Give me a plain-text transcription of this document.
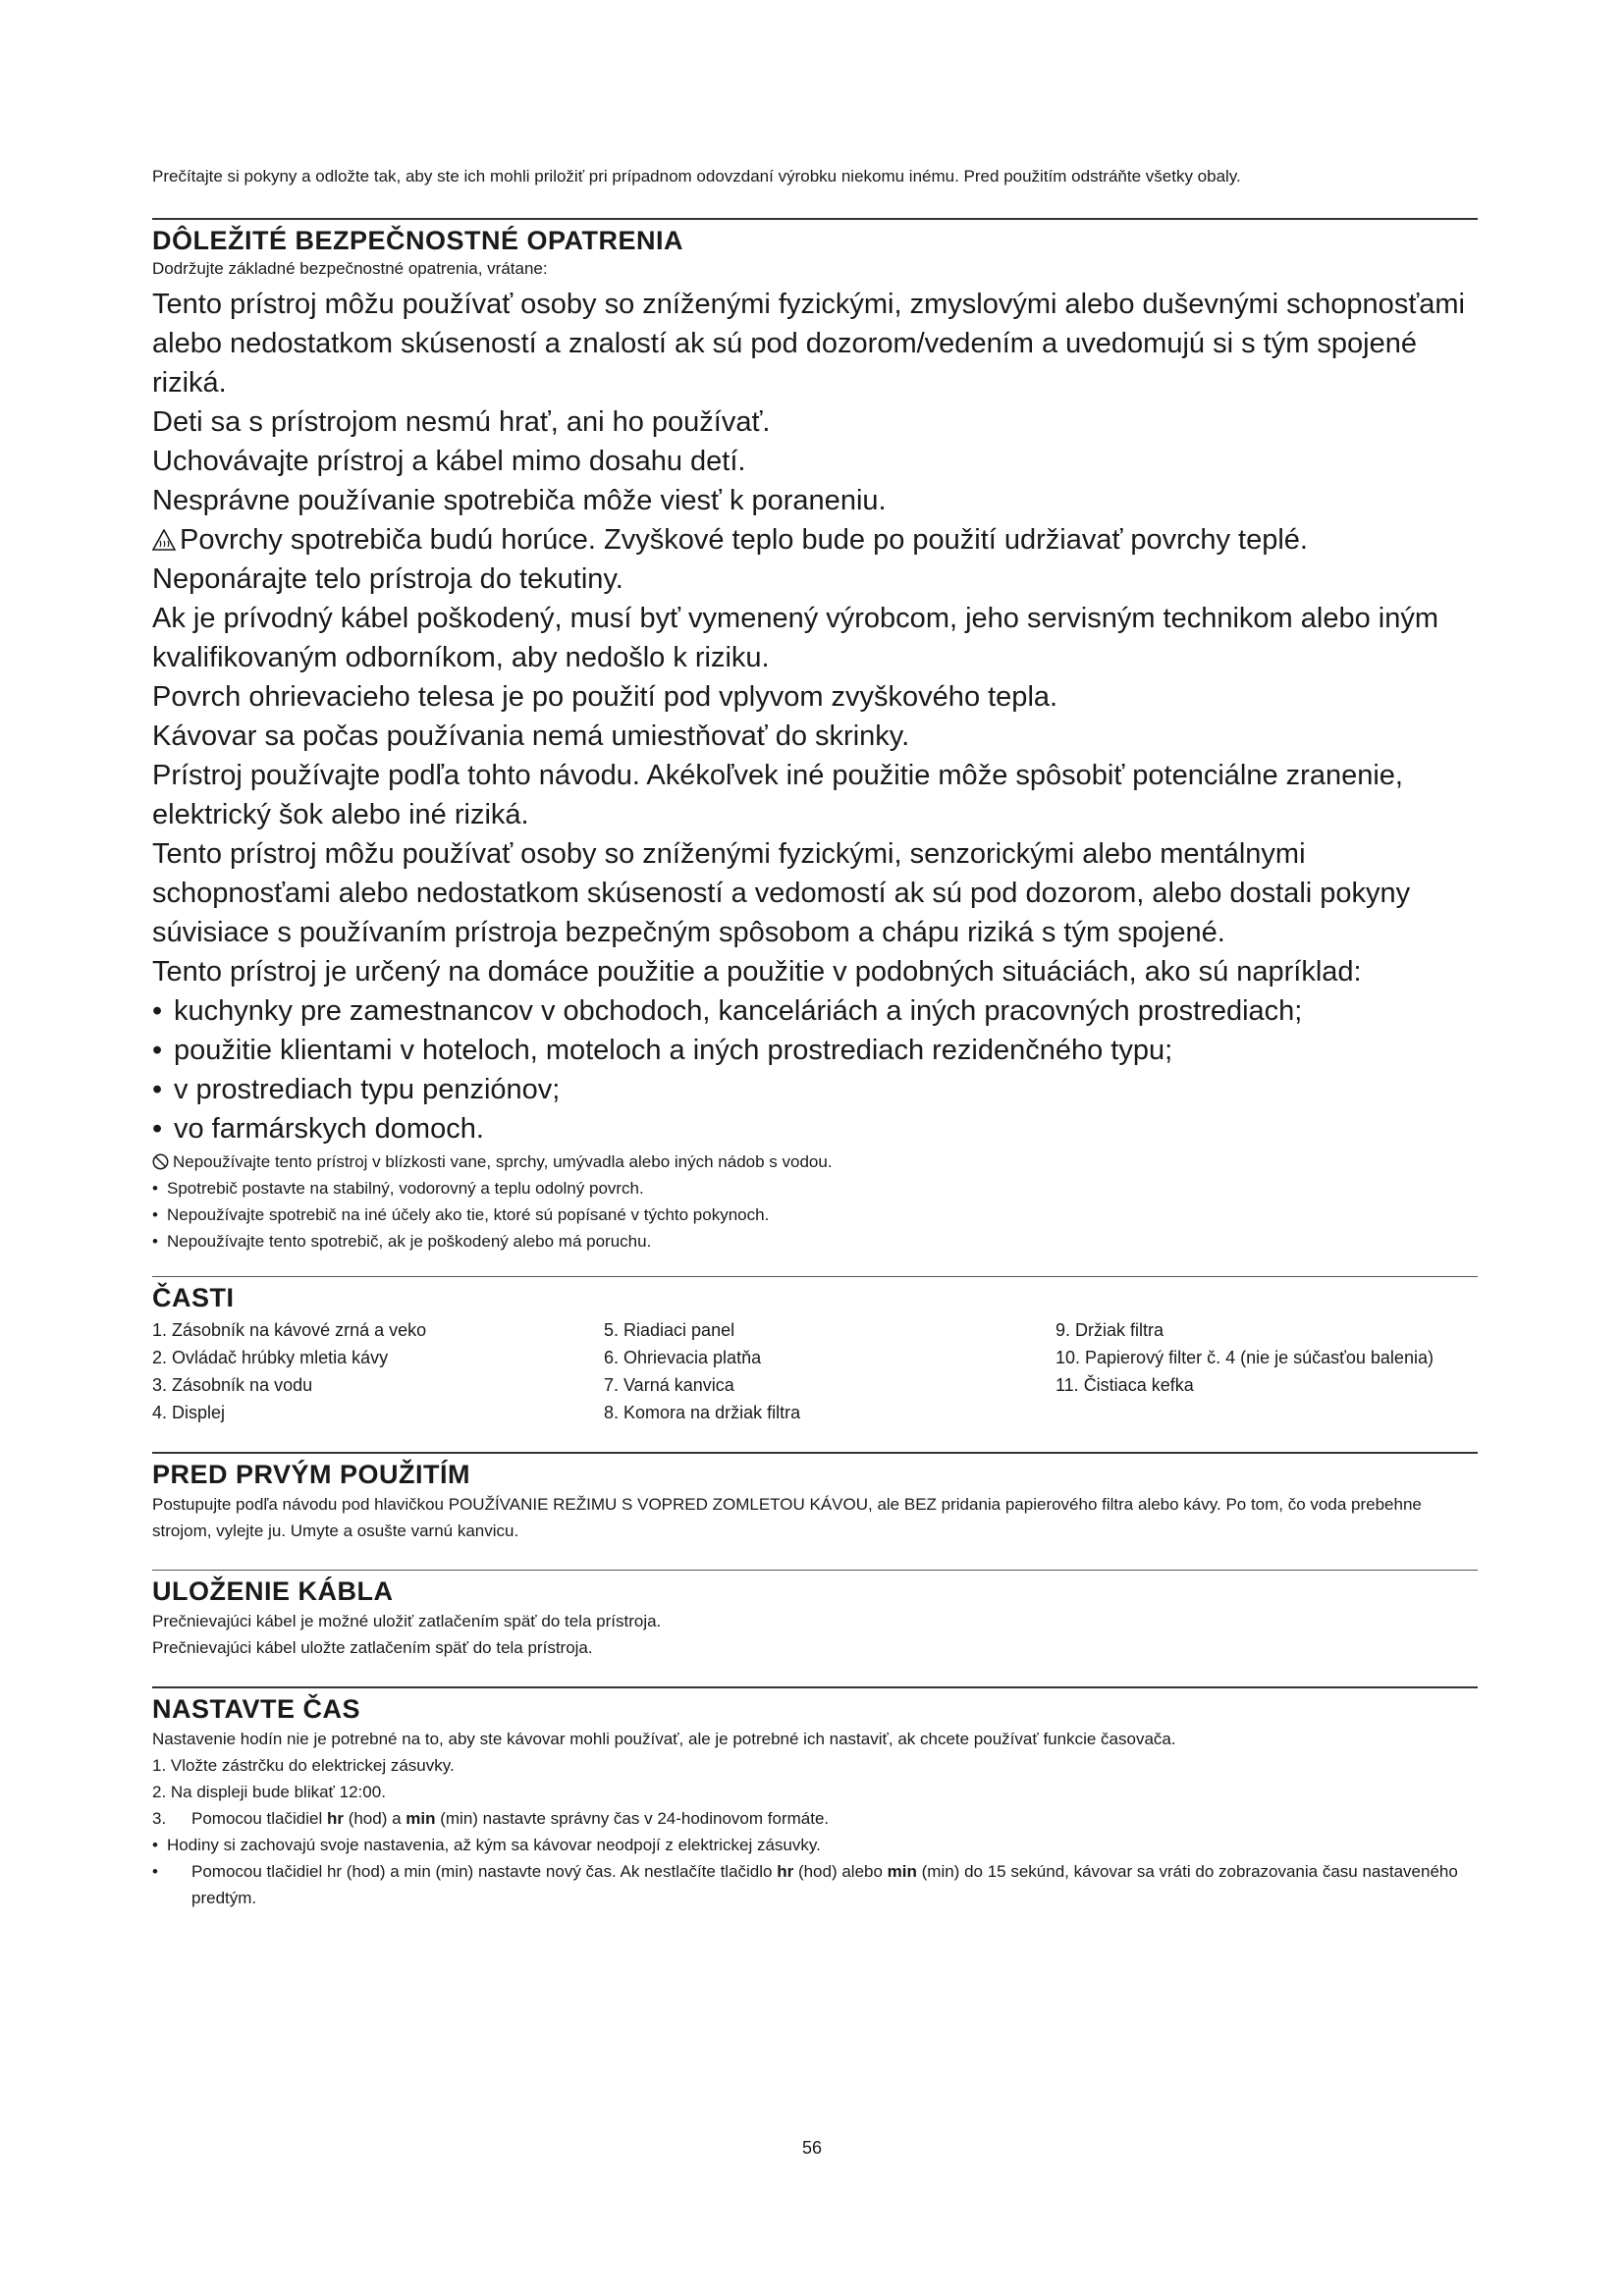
Prečítajte si pokyny a odložte tak, aby ste ich mohli priložiť pri prípadnom odovzdaní výrobku niekomu inému. Pred použitím odstráňte všetky obaly.

DÔLEŽITÉ BEZPEČNOSTNÉ OPATRENIA

Dodržujte základné bezpečnostné opatrenia, vrátane:

Tento prístroj môžu používať osoby so zníženými fyzickými, zmyslovými alebo duševnými schopnosťami alebo nedostatkom skúseností a znalostí ak sú pod dozorom/vedením a uvedomujú si s tým spojené riziká.

Deti sa s prístrojom nesmú hrať, ani ho používať.

Uchovávajte prístroj a kábel mimo dosahu detí.

Nesprávne používanie spotrebiča môže viesť k poraneniu.

Povrchy spotrebiča budú horúce. Zvyškové teplo bude po použití udržiavať povrchy teplé.

Neponárajte telo prístroja do tekutiny.

Ak je prívodný kábel poškodený, musí byť vymenený výrobcom, jeho servisným technikom alebo iným kvalifikovaným odborníkom, aby nedošlo k riziku.

Povrch ohrievacieho telesa je po použití pod vplyvom zvyškového tepla.

Kávovar sa počas používania nemá umiestňovať do skrinky.

Prístroj používajte podľa tohto návodu. Akékoľvek iné použitie môže spôsobiť potenciálne zranenie, elektrický šok alebo iné riziká.

Tento prístroj môžu používať osoby so zníženými fyzickými, senzorickými alebo mentálnymi schopnosťami alebo nedostatkom skúseností a vedomostí ak sú pod dozorom, alebo dostali pokyny súvisiace s používaním prístroja bezpečným spôsobom a chápu riziká s tým spojené.

Tento prístroj je určený na domáce použitie a použitie v podobných situáciách, ako sú napríklad:

• kuchynky pre zamestnancov v obchodoch, kanceláriách a iných pracovných prostrediach;

• použitie klientami v hoteloch, moteloch a iných prostrediach rezidenčného typu;

• v prostrediach typu penziónov;

• vo farmárskych domoch.

Nepoužívajte tento prístroj v blízkosti vane, sprchy, umývadla alebo iných nádob s vodou.

• Spotrebič postavte na stabilný, vodorovný a teplu odolný povrch.

• Nepoužívajte spotrebič na iné účely ako tie, ktoré sú popísané v týchto pokynoch.

• Nepoužívajte tento spotrebič, ak je poškodený alebo má poruchu.

ČASTI

1. Zásobník na kávové zrná a veko

2. Ovládač hrúbky mletia kávy

3. Zásobník na vodu

4. Displej

5. Riadiaci panel

6. Ohrievacia platňa

7. Varná kanvica

8. Komora na držiak filtra

9. Držiak filtra

10. Papierový filter č. 4 (nie je súčasťou balenia)

11. Čistiaca kefka

PRED PRVÝM POUŽITÍM

Postupujte podľa návodu pod hlavičkou POUŽÍVANIE REŽIMU S VOPRED ZOMLETOU KÁVOU, ale BEZ pridania papierového filtra alebo kávy. Po tom, čo voda prebehne strojom, vylejte ju. Umyte a osušte varnú kanvicu.

ULOŽENIE KÁBLA

Prečnievajúci kábel je možné uložiť zatlačením späť do tela prístroja.

Prečnievajúci kábel uložte zatlačením späť do tela prístroja.

NASTAVTE ČAS

Nastavenie hodín nie je potrebné na to, aby ste kávovar mohli používať, ale je potrebné ich nastaviť, ak chcete používať funkcie časovača.

1. Vložte zástrčku do elektrickej zásuvky.

2. Na displeji bude blikať 12:00.

3.	Pomocou tlačidiel hr (hod) a min (min) nastavte správny čas v 24-hodinovom formáte.

• Hodiny si zachovajú svoje nastavenia, až kým sa kávovar neodpojí z elektrickej zásuvky.

•	Pomocou tlačidiel hr (hod) a min (min) nastavte nový čas. Ak nestlačíte tlačidlo hr (hod) alebo min (min) do 15 sekúnd, kávovar sa vráti do zobrazovania času nastaveného predtým.

56
